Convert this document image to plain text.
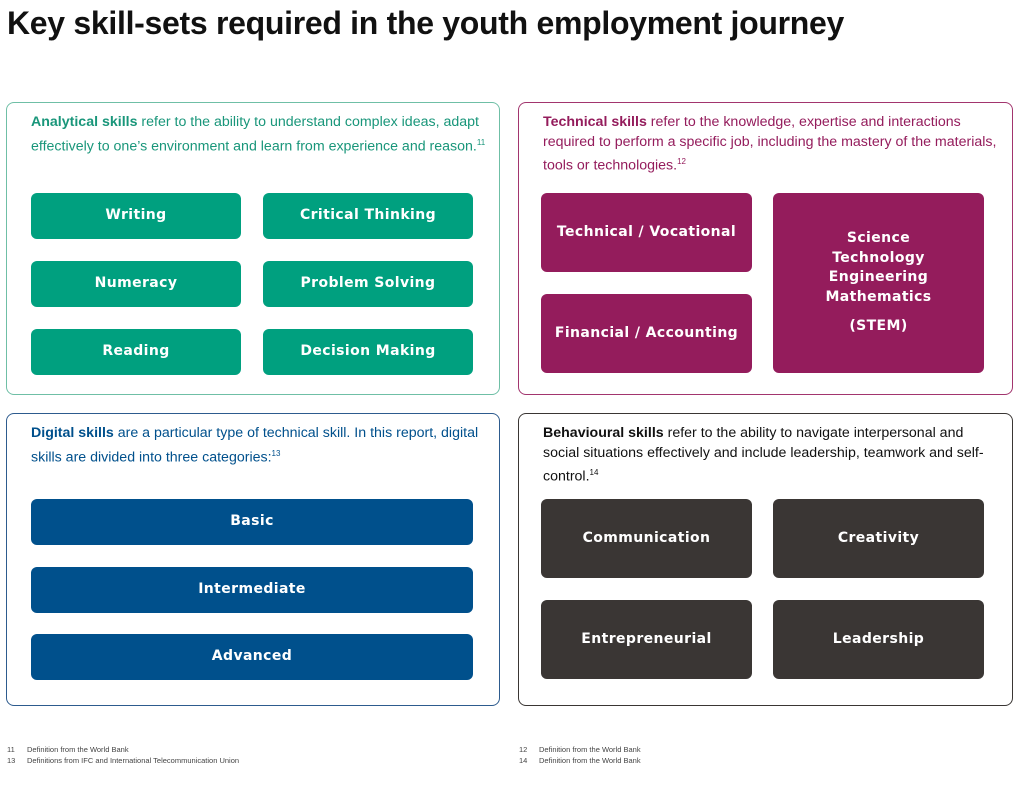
Key skill-sets required in the youth employment journey
Analytical skills refer to the ability to understand complex ideas, adapt effectively to one’s environment and learn from experience and reason.$^{11}$
Writing	Critical Thinking
Numeracy	Problem Solving
Reading	Decision Making
Technical skills refer to the knowledge, expertise and interactions required to perform a specific job, including the mastery of the materials, tools or technologies.$^{12}$
Technical / Vocational
Financial / Accounting
Science
Technology
Engineering
Mathematics
(STEM)
Digital skills are a particular type of technical skill. In this report, digital skills are divided into three categories:$^{13}$
Basic
Intermediate
Advanced
Behavioural skills refer to the ability to navigate interpersonal and social situations effectively and include leadership, teamwork and self-control.$^{14}$
Communication	Creativity
Entrepreneurial	Leadership
11 Definition from the World Bank
13 Definitions from IFC and International Telecommunication Union
12 Definition from the World Bank
14 Definition from the World Bank
